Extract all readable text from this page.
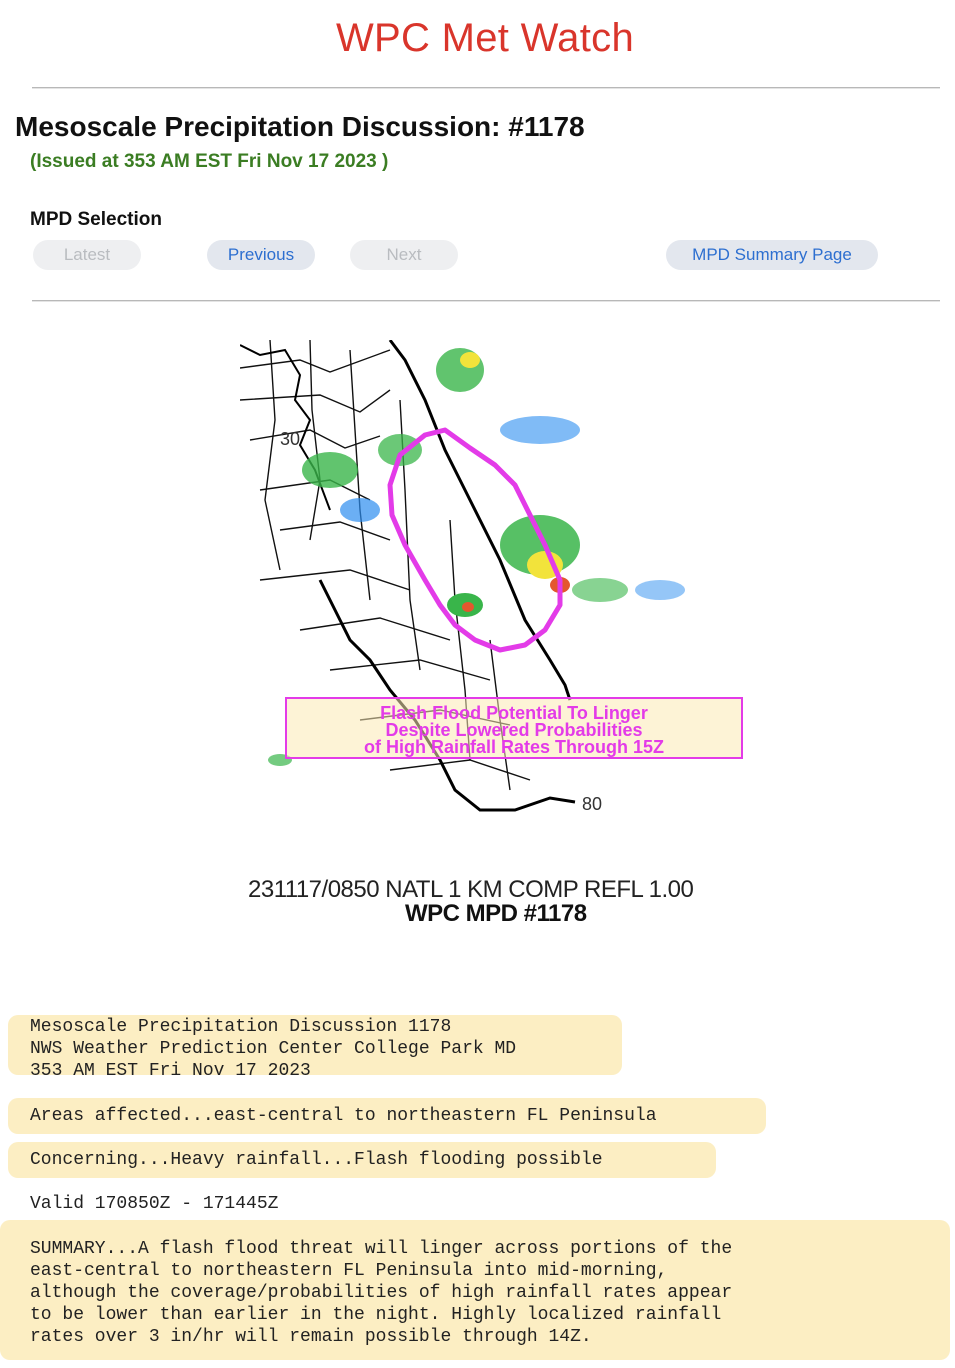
WPC Met Watch
Mesoscale Precipitation Discussion: #1178
(Issued at 353 AM EST Fri Nov 17 2023 )
MPD Selection
Latest	Previous	Next	MPD Summary Page
30
80
Flash Flood Potential To Linger
Despite Lowered Probabilities
of High Rainfall Rates Through 15Z
231117/0850 NATL 1 KM COMP REFL 1.00
WPC MPD #1178
Mesoscale Precipitation Discussion 1178
NWS Weather Prediction Center College Park MD
353 AM EST Fri Nov 17 2023
Areas affected...east-central to northeastern FL Peninsula
Concerning...Heavy rainfall...Flash flooding possible
Valid 170850Z - 171445Z
SUMMARY...A flash flood threat will linger across portions of the
east-central to northeastern FL Peninsula into mid-morning,
although the coverage/probabilities of high rainfall rates appear
to be lower than earlier in the night. Highly localized rainfall
rates over 3 in/hr will remain possible through 14Z.
